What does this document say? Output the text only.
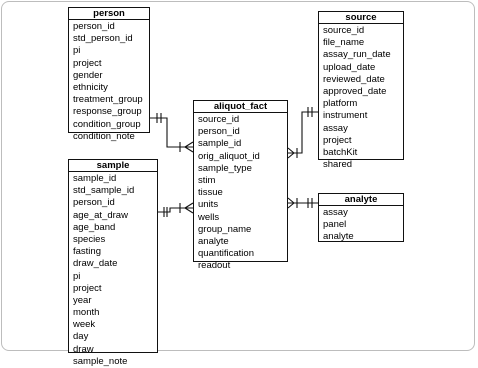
person
person_id
std_person_id
pi
project
gender
ethnicity
treatment_group
response_group
condition_group
condition_note
source
source_id
file_name
assay_run_date
upload_date
reviewed_date
approved_date
platform
instrument
assay
project
batchKit
shared
aliquot_fact
source_id
person_id
sample_id
orig_aliquot_id
sample_type
stim
tissue
units
wells
group_name
analyte
quantification
readout
sample
sample_id
std_sample_id
person_id
age_at_draw
age_band
species
fasting
draw_date
pi
project
year
month
week
day
draw
sample_note
analyte
assay
panel
analyte
